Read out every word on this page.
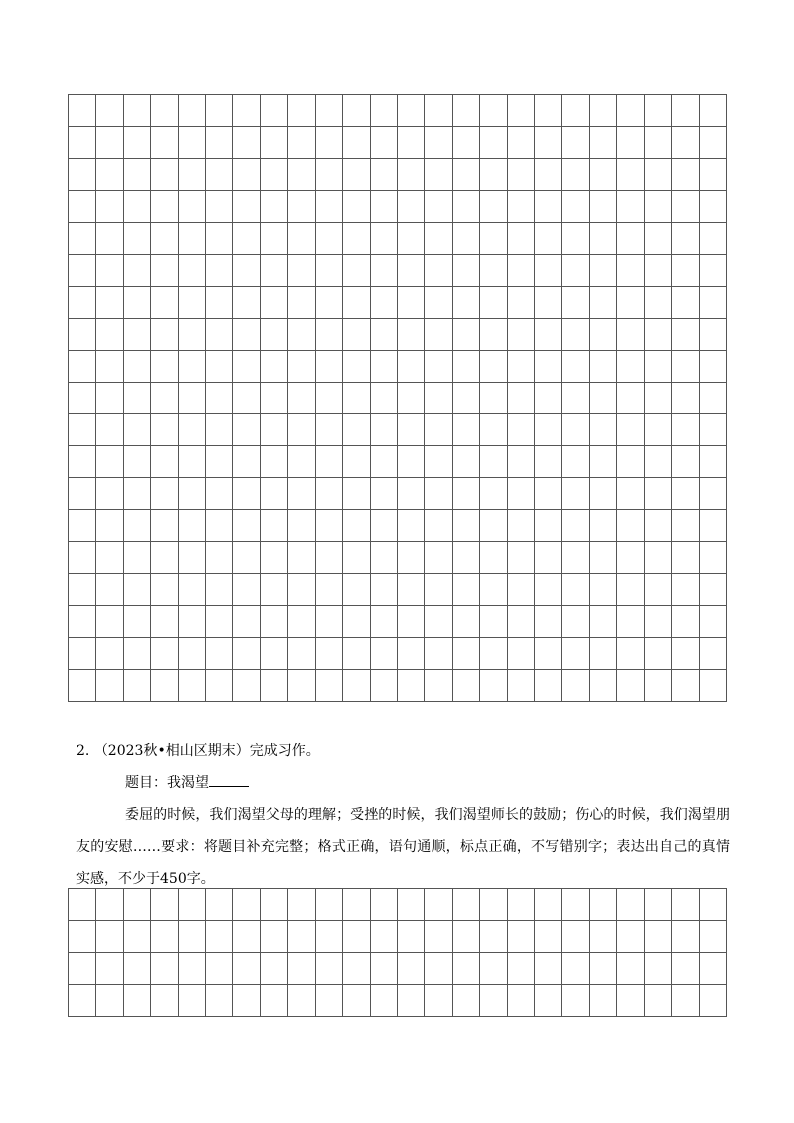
2. （2023秋•相山区期末）完成习作。
题目：我渴望
委屈的时候，我们渴望父母的理解；受挫的时候，我们渴望师长的鼓励；伤心的时候，我们渴望朋友的安慰……要求：将题目补充完整；格式正确，语句通顺，标点正确，不写错别字；表达出自己的真情实感，不少于450字。
